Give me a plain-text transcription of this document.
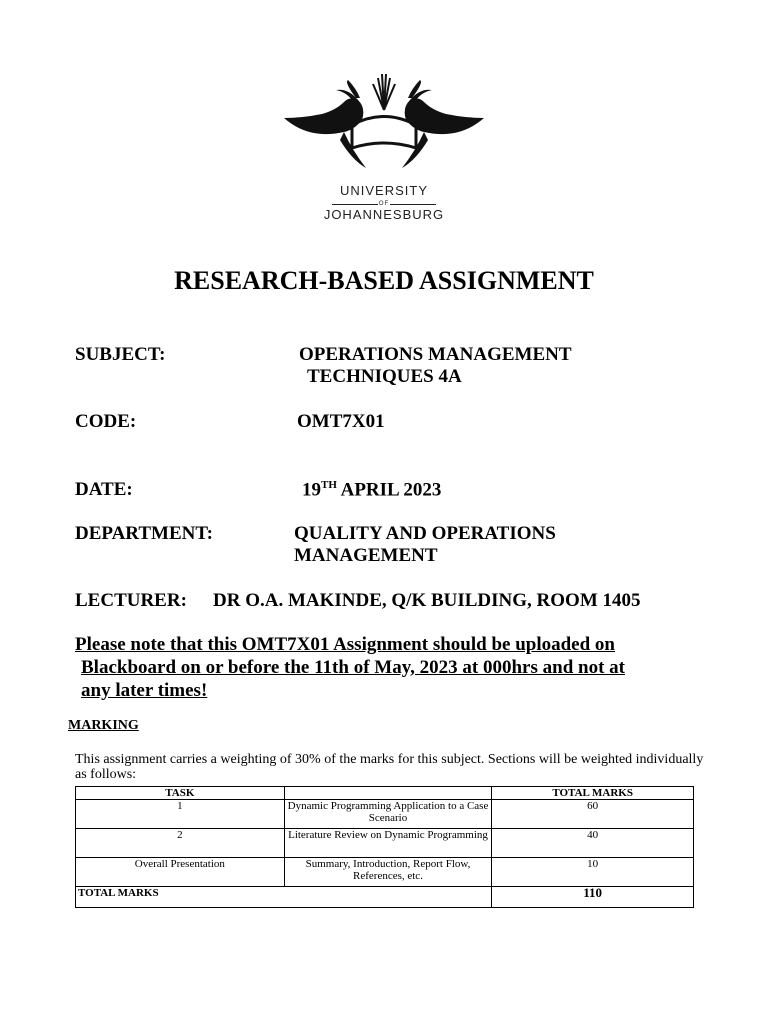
UNIVERSITY
OF
JOHANNESBURG
RESEARCH-BASED ASSIGNMENT
SUBJECT:	OPERATIONS MANAGEMENT
TECHNIQUES 4A
CODE:	OMT7X01
DATE:	19TH APRIL 2023
DEPARTMENT:	QUALITY AND OPERATIONS
MANAGEMENT
LECTURER: DR O.A. MAKINDE, Q/K BUILDING, ROOM 1405
Please note that this OMT7X01 Assignment should be uploaded on
Blackboard on or before the 11th of May, 2023 at 000hrs and not at
any later times!
MARKING
This assignment carries a weighting of 30% of the marks for this subject. Sections will be weighted individually as follows:
TASK		TOTAL MARKS
1	Dynamic Programming Application to a Case Scenario	60
2	Literature Review on Dynamic Programming	40
Overall Presentation	Summary, Introduction, Report Flow, References, etc.	10
TOTAL MARKS		110
